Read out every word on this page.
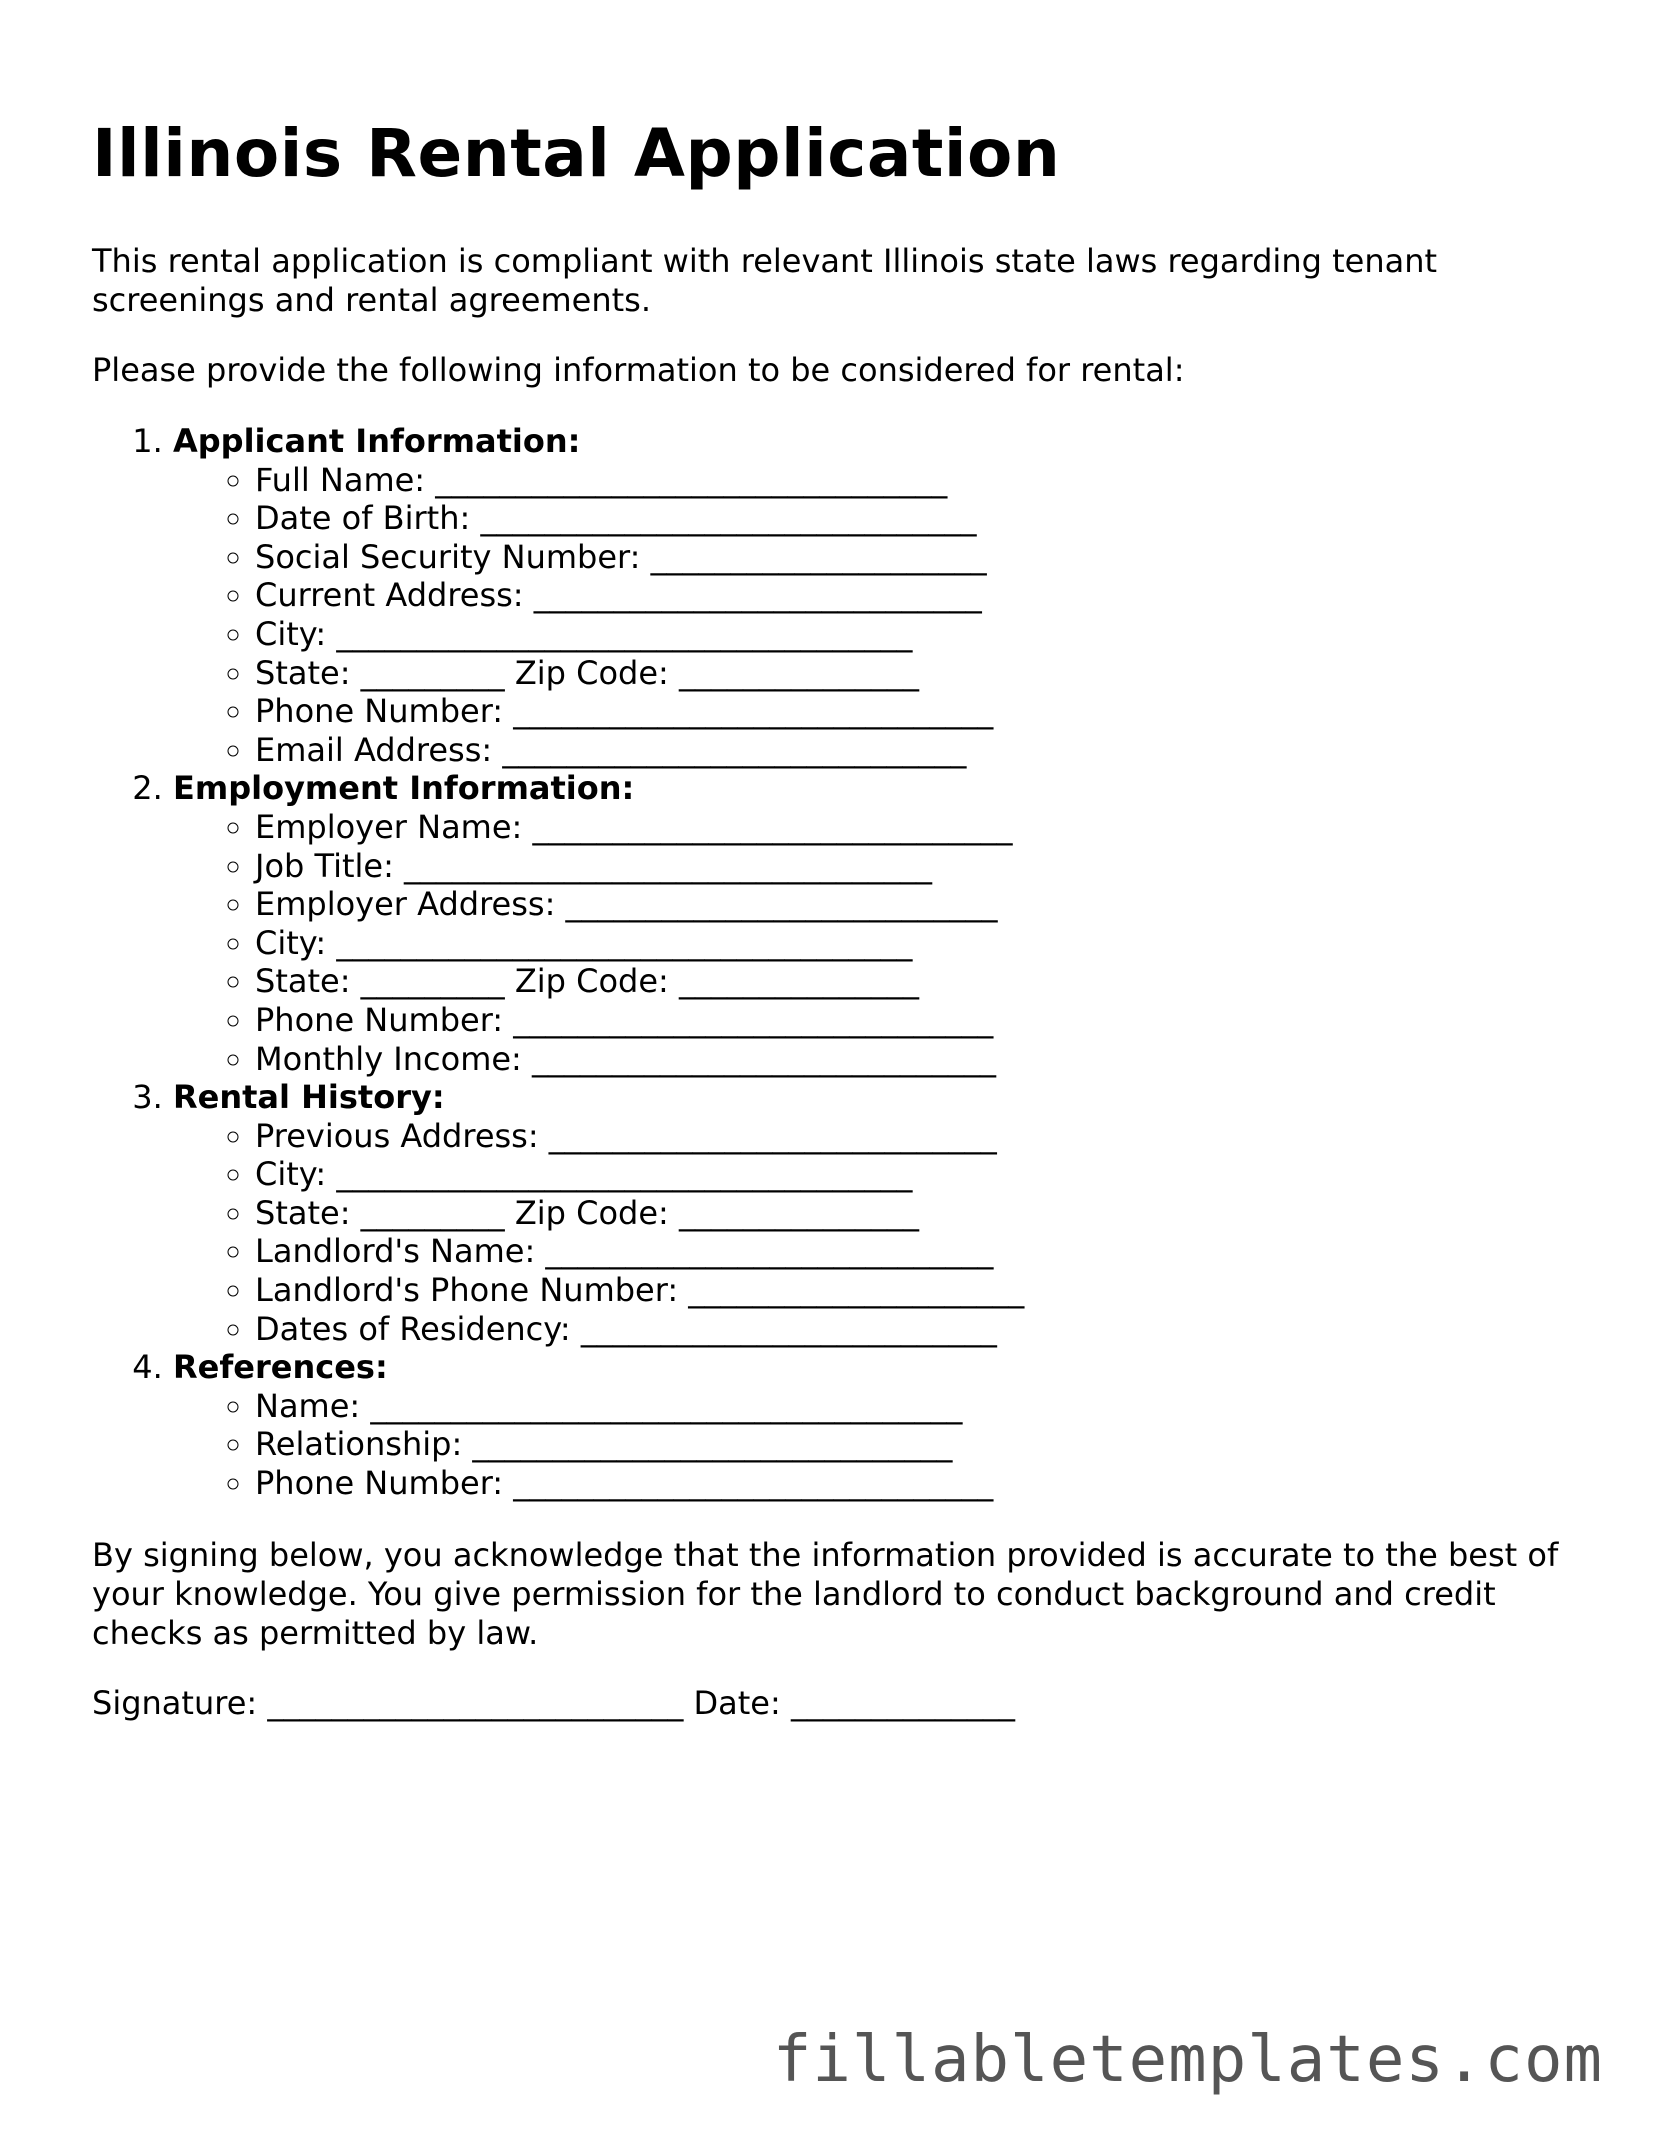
Illinois Rental Application

This rental application is compliant with relevant Illinois state laws regarding tenant screenings and rental agreements.

Please provide the following information to be considered for rental:

1. Applicant Information:
◦ Full Name: ________________________________
◦ Date of Birth: _______________________________
◦ Social Security Number: _____________________
◦ Current Address: ____________________________
◦ City: ____________________________________
◦ State: _________ Zip Code: _______________
◦ Phone Number: ______________________________
◦ Email Address: _____________________________
2. Employment Information:
◦ Employer Name: ______________________________
◦ Job Title: _________________________________
◦ Employer Address: ___________________________
◦ City: ____________________________________
◦ State: _________ Zip Code: _______________
◦ Phone Number: ______________________________
◦ Monthly Income: _____________________________
3. Rental History:
◦ Previous Address: ____________________________
◦ City: ____________________________________
◦ State: _________ Zip Code: _______________
◦ Landlord's Name: ____________________________
◦ Landlord's Phone Number: _____________________
◦ Dates of Residency: __________________________
4. References:
◦ Name: _____________________________________
◦ Relationship: ______________________________
◦ Phone Number: ______________________________

By signing below, you acknowledge that the information provided is accurate to the best of your knowledge. You give permission for the landlord to conduct background and credit checks as permitted by law.

Signature: __________________________ Date: ______________

fillabletemplates.com
